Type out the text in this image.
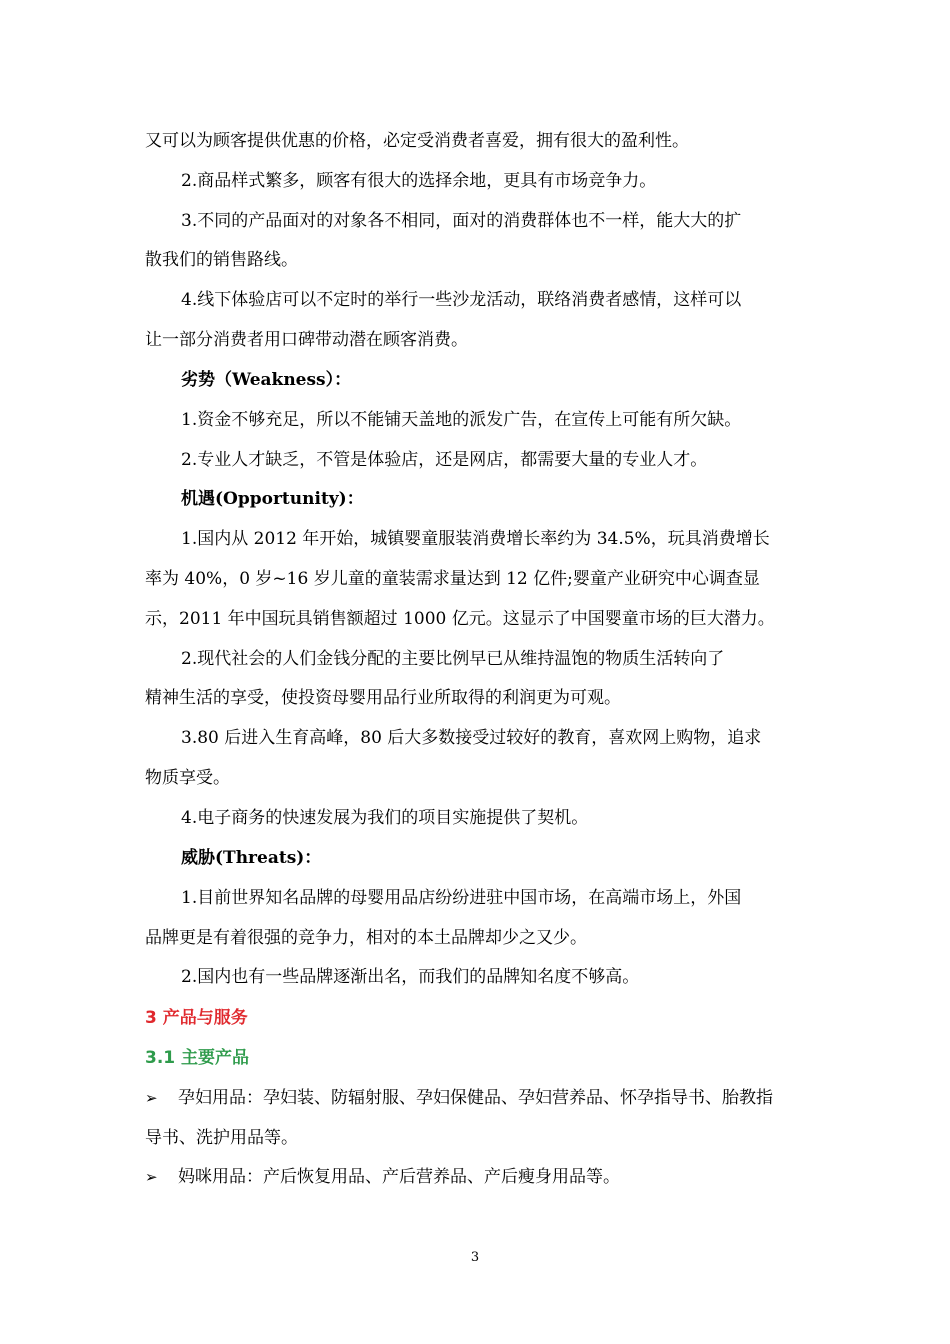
又可以为顾客提供优惠的价格，必定受消费者喜爱，拥有很大的盈利性。
2.商品样式繁多，顾客有很大的选择余地，更具有市场竞争力。
3.不同的产品面对的对象各不相同，面对的消费群体也不一样，能大大的扩
散我们的销售路线。
4.线下体验店可以不定时的举行一些沙龙活动，联络消费者感情，这样可以
让一部分消费者用口碑带动潜在顾客消费。
劣势（Weakness）：
1.资金不够充足，所以不能铺天盖地的派发广告，在宣传上可能有所欠缺。
2.专业人才缺乏，不管是体验店，还是网店，都需要大量的专业人才。
机遇(Opportunity)：
1.国内从 2012 年开始，城镇婴童服装消费增长率约为 34.5%，玩具消费增长
率为 40%，0 岁~16 岁儿童的童装需求量达到 12 亿件;婴童产业研究中心调查显
示，2011 年中国玩具销售额超过 1000 亿元。这显示了中国婴童市场的巨大潜力。
2.现代社会的人们金钱分配的主要比例早已从维持温饱的物质生活转向了
精神生活的享受，使投资母婴用品行业所取得的利润更为可观。
3.80 后进入生育高峰，80 后大多数接受过较好的教育，喜欢网上购物，追求
物质享受。
4.电子商务的快速发展为我们的项目实施提供了契机。
威胁(Threats)：
1.目前世界知名品牌的母婴用品店纷纷进驻中国市场，在高端市场上，外国
品牌更是有着很强的竞争力，相对的本土品牌却少之又少。
2.国内也有一些品牌逐渐出名，而我们的品牌知名度不够高。
3 产品与服务
3.1 主要产品
➢ 孕妇用品：孕妇装、防辐射服、孕妇保健品、孕妇营养品、怀孕指导书、胎教指
导书、洗护用品等。
➢ 妈咪用品：产后恢复用品、产后营养品、产后瘦身用品等。
3
